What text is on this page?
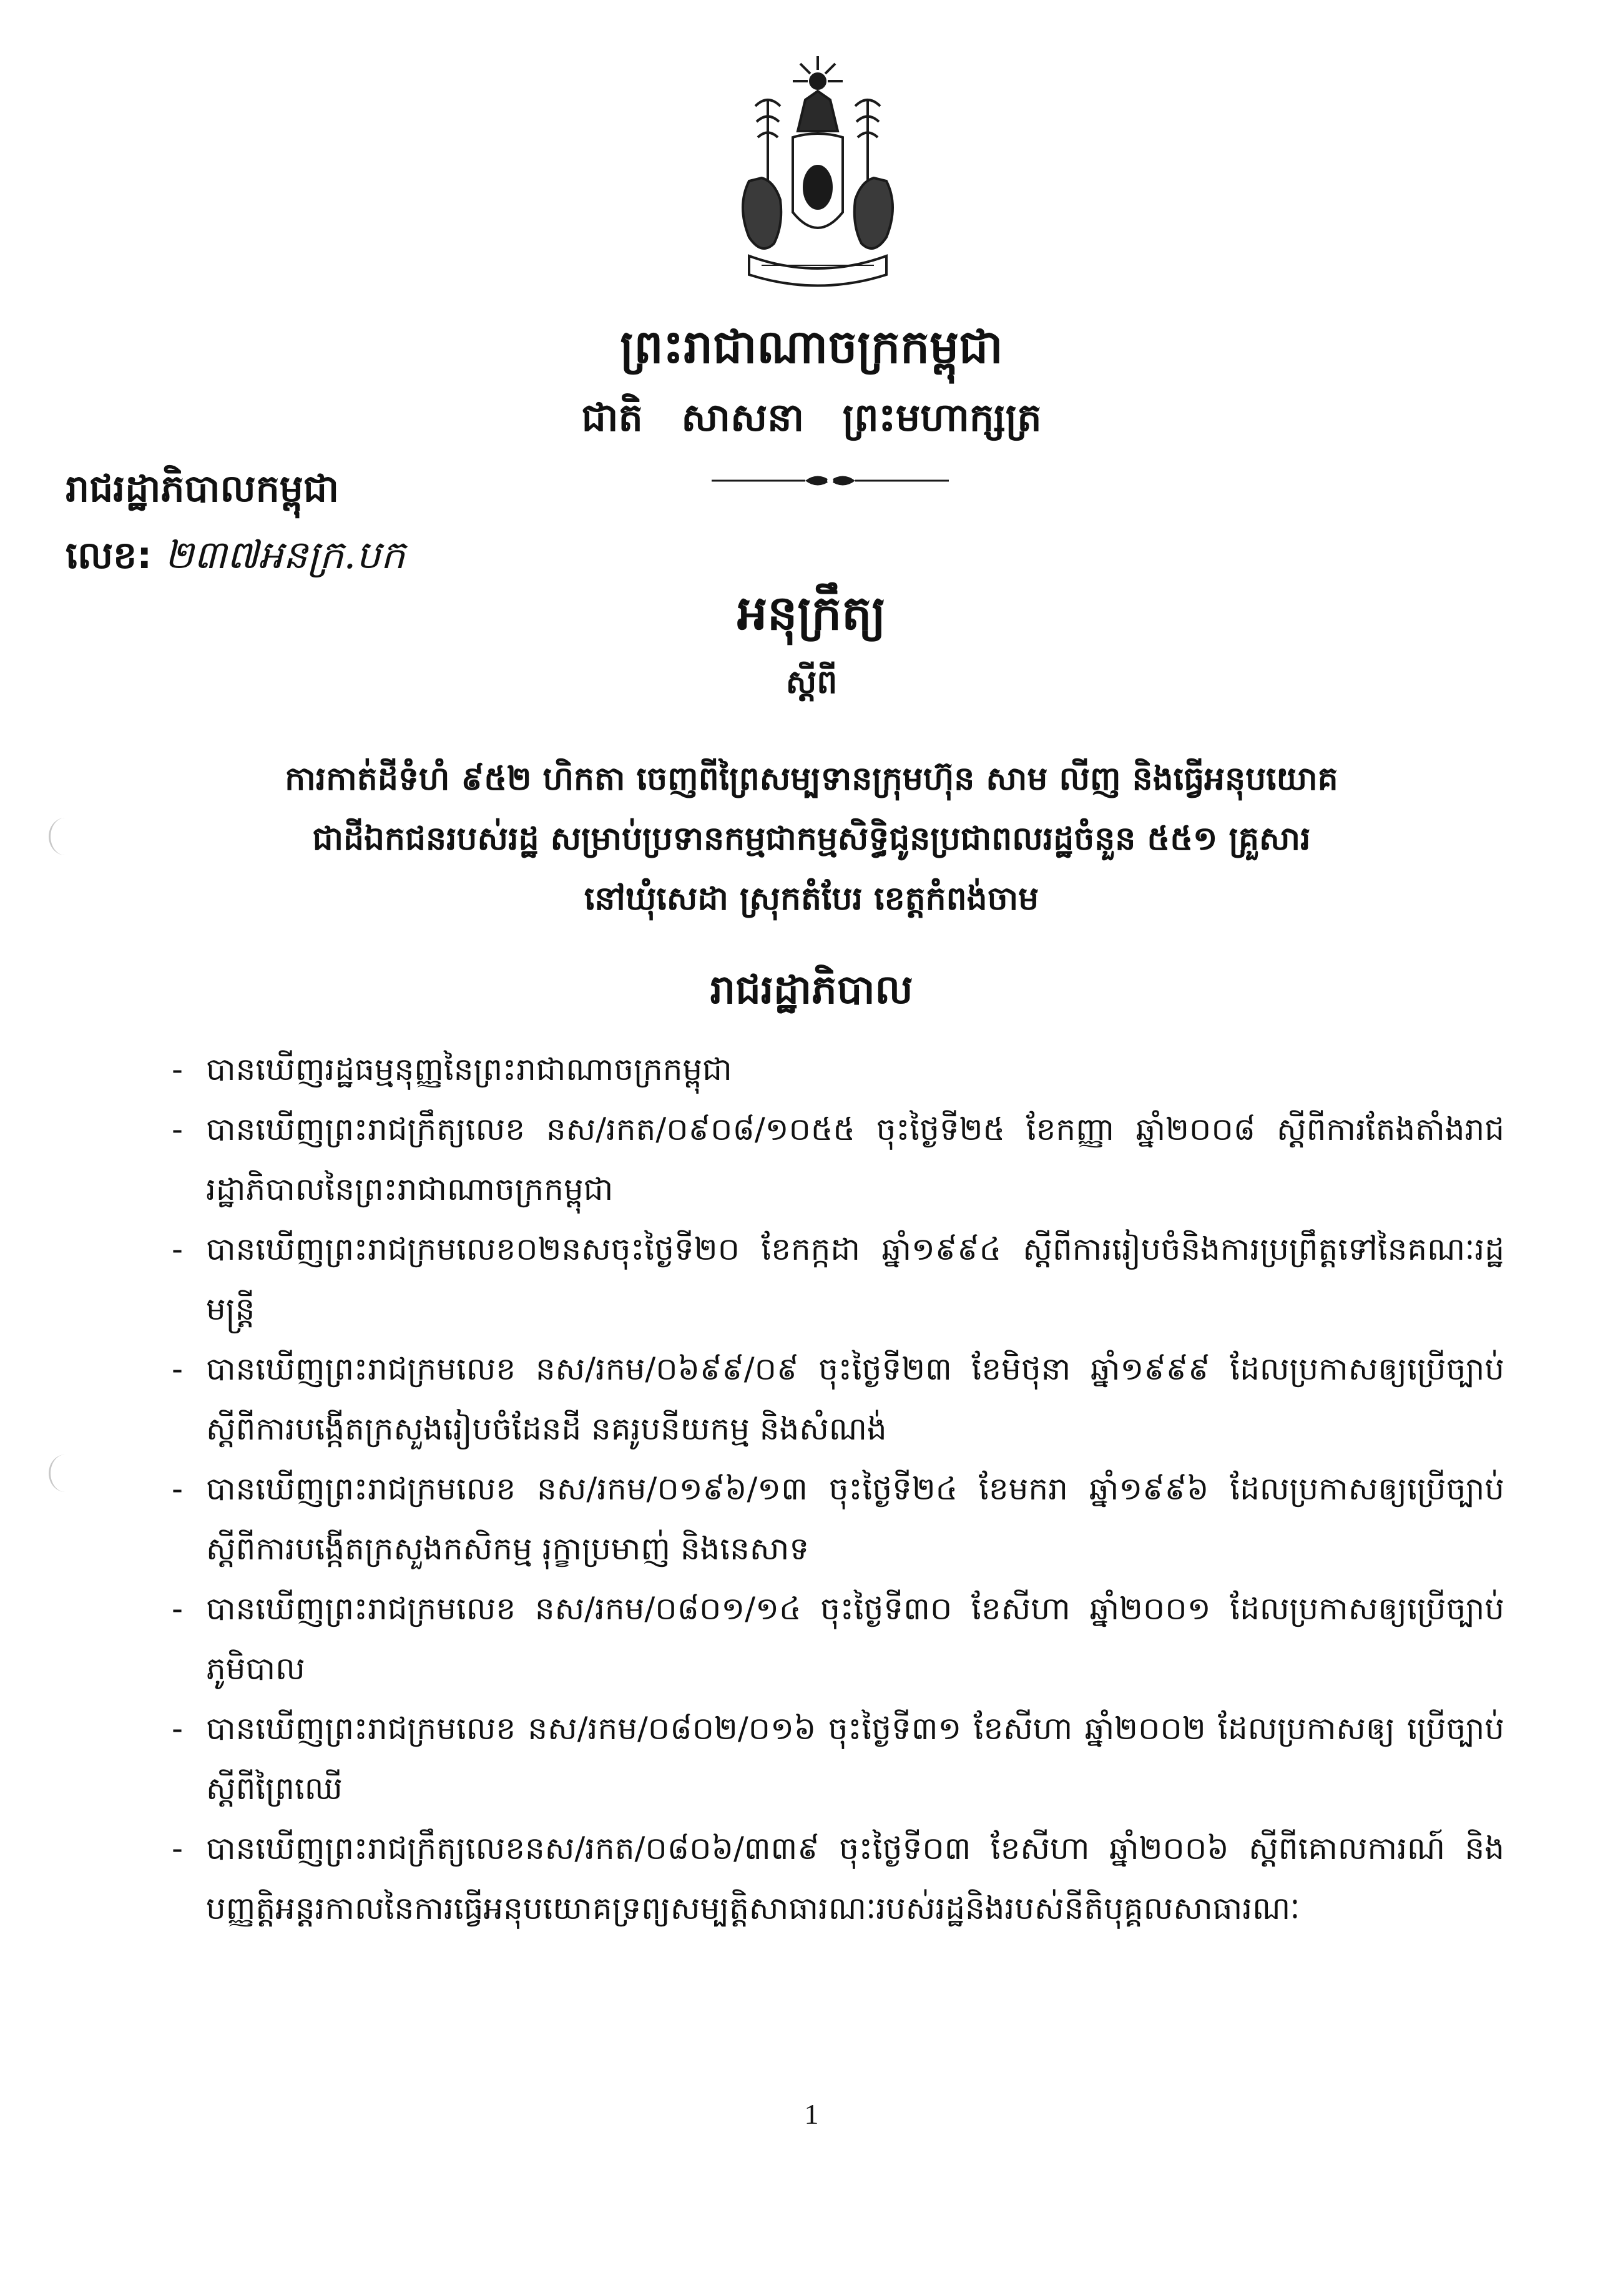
ព្រះរាជាណាចក្រកម្ពុជា
ជាតិ សាសនា ព្រះមហាក្សត្រ
រាជរដ្ឋាភិបាលកម្ពុជា
លេខ: ២៣៧អនក្រ.បក
អនុក្រឹត្យ
ស្តីពី
ការកាត់ដីទំហំ ៩៥២ ហិកតា ចេញពីព្រៃសម្បទានក្រុមហ៊ុន សាម លីញ និងធ្វើអនុបយោគ
ជាដីឯកជនរបស់រដ្ឋ សម្រាប់ប្រទានកម្មជាកម្មសិទ្ធិជូនប្រជាពលរដ្ឋចំនួន ៥៥១ គ្រួសារ
នៅឃុំសេដា ស្រុកតំបែរ ខេត្តកំពង់ចាម
រាជរដ្ឋាភិបាល
- បានឃើញរដ្ឋធម្មនុញ្ញនៃព្រះរាជាណាចក្រកម្ពុជា
- បានឃើញព្រះរាជក្រឹត្យលេខ នស/រកត/០៩០៨/១០៥៥ ចុះថ្ងៃទី២៥ ខែកញ្ញា ឆ្នាំ២០០៨ ស្តីពីការតែងតាំងរាជរដ្ឋាភិបាលនៃព្រះរាជាណាចក្រកម្ពុជា
- បានឃើញព្រះរាជក្រមលេខ០២នសចុះថ្ងៃទី២០ ខែកក្កដា ឆ្នាំ១៩៩៤ ស្តីពីការរៀបចំនិងការប្រព្រឹត្តទៅនៃគណៈរដ្ឋមន្ត្រី
- បានឃើញព្រះរាជក្រមលេខ នស/រកម/០៦៩៩/០៩ ចុះថ្ងៃទី២៣ ខែមិថុនា ឆ្នាំ១៩៩៩ ដែលប្រកាសឲ្យប្រើច្បាប់ស្តីពីការបង្កើតក្រសួងរៀបចំដែនដី នគរូបនីយកម្ម និងសំណង់
- បានឃើញព្រះរាជក្រមលេខ នស/រកម/០១៩៦/១៣ ចុះថ្ងៃទី២៤ ខែមករា ឆ្នាំ១៩៩៦ ដែលប្រកាសឲ្យប្រើច្បាប់ ស្តីពីការបង្កើតក្រសួងកសិកម្ម រុក្ខាប្រមាញ់ និងនេសាទ
- បានឃើញព្រះរាជក្រមលេខ នស/រកម/០៨០១/១៤ ចុះថ្ងៃទី៣០ ខែសីហា ឆ្នាំ២០០១ ដែលប្រកាសឲ្យប្រើច្បាប់ភូមិបាល
- បានឃើញព្រះរាជក្រមលេខ នស/រកម/០៨០២/០១៦ ចុះថ្ងៃទី៣១ ខែសីហា ឆ្នាំ២០០២ ដែលប្រកាសឲ្យ ប្រើច្បាប់ស្តីពីព្រៃឈើ
- បានឃើញព្រះរាជក្រឹត្យលេខនស/រកត/០៨០៦/៣៣៩ ចុះថ្ងៃទី០៣ ខែសីហា ឆ្នាំ២០០៦ ស្តីពីគោលការណ៍ និងបញ្ញត្តិអន្តរកាលនៃការធ្វើអនុបយោគទ្រព្យសម្បត្តិសាធារណៈរបស់រដ្ឋនិងរបស់នីតិបុគ្គលសាធារណៈ
1
